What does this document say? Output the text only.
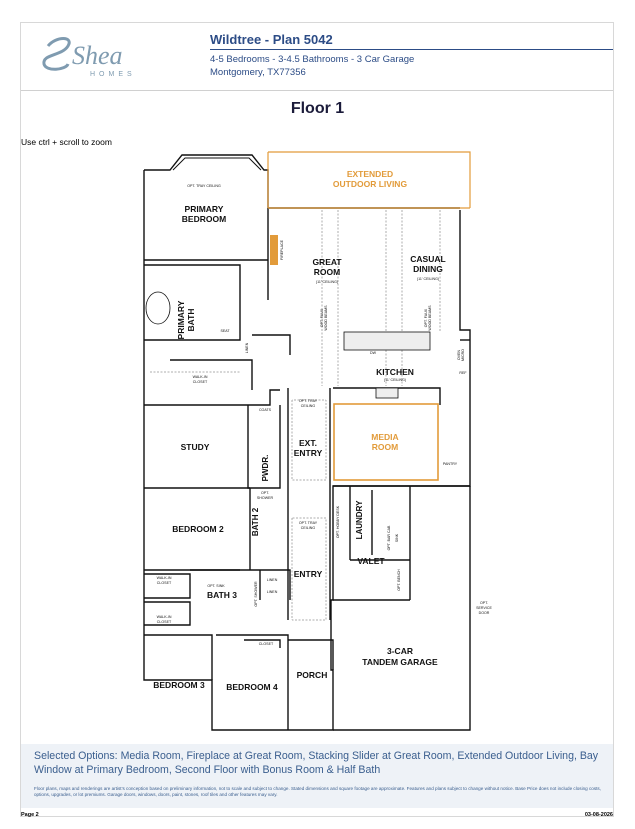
Shea
HOMES
Wildtree - Plan 5042
4-5 Bedrooms - 3-4.5 Bathrooms - 3 Car Garage
Montgomery, TX77356
Floor 1
Use ctrl + scroll to zoom
EXTENDED
OUTDOOR LIVING
OPT. TRAY CEILING
PRIMARY
BEDROOM
PRIMARY BATH	SEAT
LINEN
WALK-IN
CLOSET
FIREPLACE
GREAT
ROOM
(11' CEILING)
OPT. FAUX WOOD BEAMS
CASUAL
DINING
(11' CEILING)
OPT. FAUX WOOD BEAMS
OVEN MICRO
REF
DW
KITCHEN
(11' CEILING)
COATS
OPT. TRAY
CEILING
EXT.
ENTRY
MEDIA
ROOM
PANTRY
STUDY
PWDR.
OPT.
SHOWER
BEDROOM 2	BATH 2	OPT. HOBBY DESK LAUNDRY	OPT. BAR CAB SINK
OPT. TRAY
CEILING
ENTRY
VALET
OPT. BENCH
WALK-IN
CLOSET
OPT. SINK	OPT. SHOWER
BATH 3
LINEN
LINEN
WALK-IN
CLOSET
OPT.
SERVICE
DOOR
3-CAR
TANDEM GARAGE
CLOSET
BEDROOM 3	BEDROOM 4
PORCH
Selected Options: Media Room, Fireplace at Great Room, Stacking Slider at Great Room, Extended Outdoor Living, Bay Window at Primary Bedroom, Second Floor with Bonus Room & Half Bath
Floor plans, maps and renderings are artist's conception based on preliminary information, not to scale and subject to change. Stated dimensions and square footage are approximate. Features and plans subject to change without notice. Base Price does not include closing costs, options, upgrades, or lot premiums. Garage doors, windows, doors, paint, stones, roof tiles and other features may vary.
Page 2	03-08-2026
